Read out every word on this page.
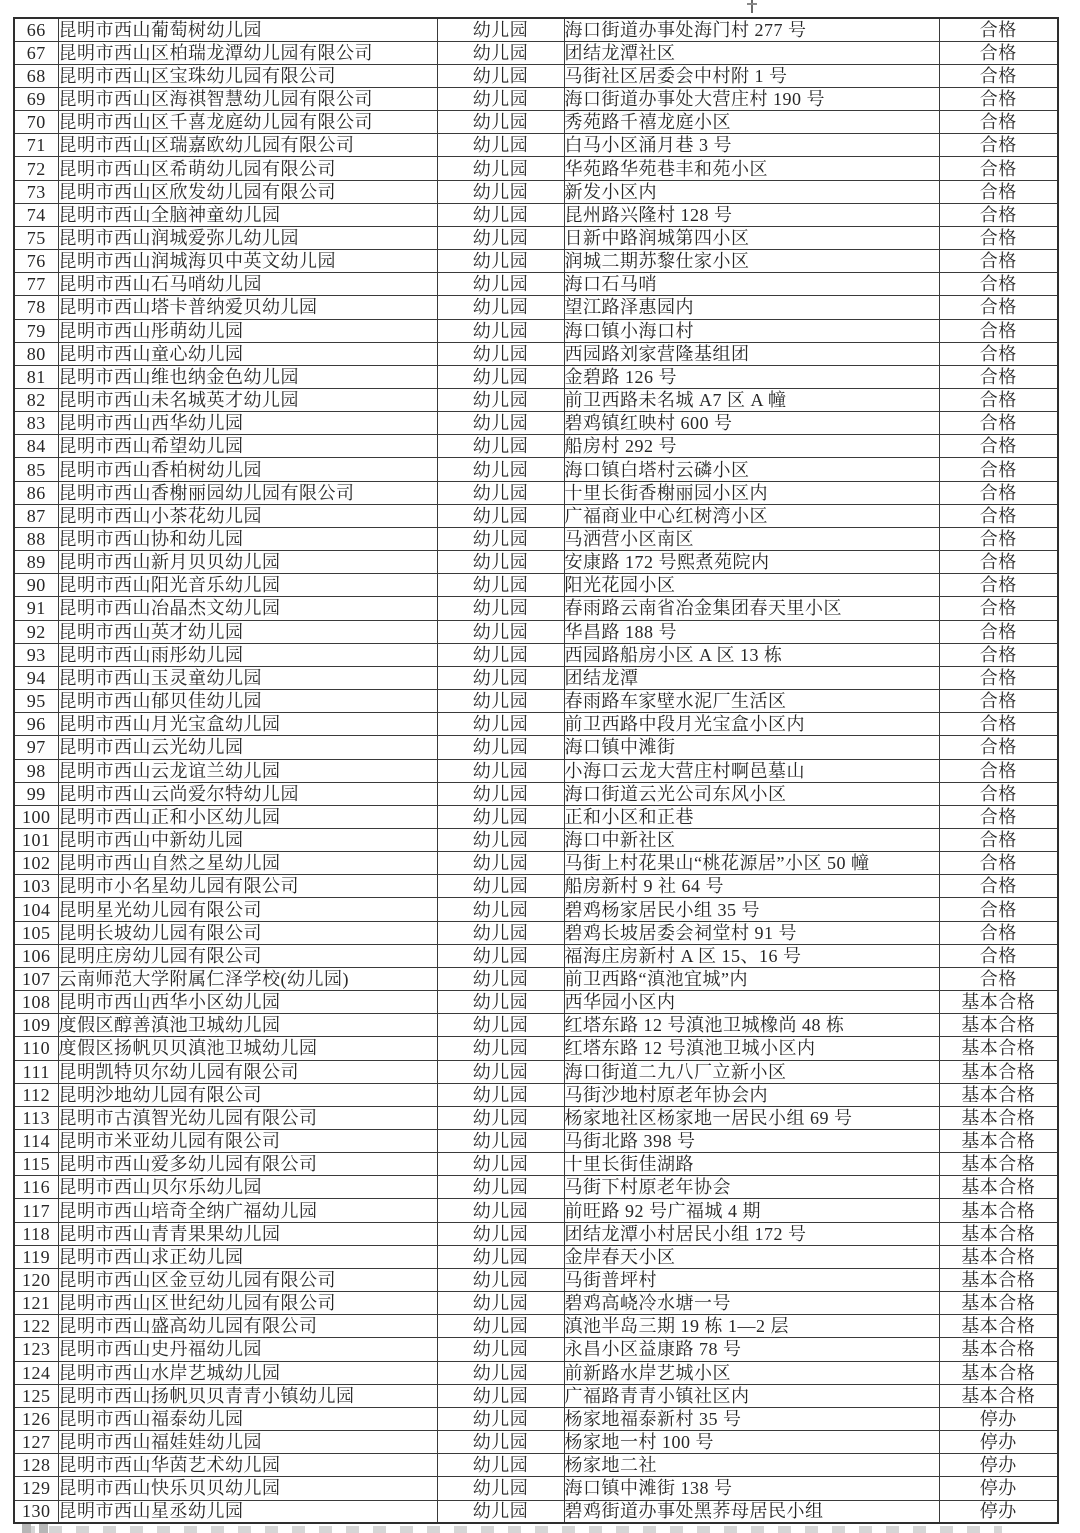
66	昆明市西山葡萄树幼儿园	幼儿园	海口街道办事处海门村 277 号	合格
67	昆明市西山区柏瑞龙潭幼儿园有限公司	幼儿园	团结龙潭社区	合格
68	昆明市西山区宝珠幼儿园有限公司	幼儿园	马街社区居委会中村附 1 号	合格
69	昆明市西山区海祺智慧幼儿园有限公司	幼儿园	海口街道办事处大营庄村 190 号	合格
70	昆明市西山区千喜龙庭幼儿园有限公司	幼儿园	秀苑路千禧龙庭小区	合格
71	昆明市西山区瑞嘉欧幼儿园有限公司	幼儿园	白马小区涌月巷 3 号	合格
72	昆明市西山区希萌幼儿园有限公司	幼儿园	华苑路华苑巷丰和苑小区	合格
73	昆明市西山区欣发幼儿园有限公司	幼儿园	新发小区内	合格
74	昆明市西山全脑神童幼儿园	幼儿园	昆州路兴隆村 128 号	合格
75	昆明市西山润城爱弥儿幼儿园	幼儿园	日新中路润城第四小区	合格
76	昆明市西山润城海贝中英文幼儿园	幼儿园	润城二期苏黎仕家小区	合格
77	昆明市西山石马哨幼儿园	幼儿园	海口石马哨	合格
78	昆明市西山塔卡普纳爱贝幼儿园	幼儿园	望江路泽惠园内	合格
79	昆明市西山彤萌幼儿园	幼儿园	海口镇小海口村	合格
80	昆明市西山童心幼儿园	幼儿园	西园路刘家营隆基组团	合格
81	昆明市西山维也纳金色幼儿园	幼儿园	金碧路 126 号	合格
82	昆明市西山未名城英才幼儿园	幼儿园	前卫西路未名城 A7 区 A 幢	合格
83	昆明市西山西华幼儿园	幼儿园	碧鸡镇红映村 600 号	合格
84	昆明市西山希望幼儿园	幼儿园	船房村 292 号	合格
85	昆明市西山香柏树幼儿园	幼儿园	海口镇白塔村云磷小区	合格
86	昆明市西山香榭丽园幼儿园有限公司	幼儿园	十里长街香榭丽园小区内	合格
87	昆明市西山小茶花幼儿园	幼儿园	广福商业中心红树湾小区	合格
88	昆明市西山协和幼儿园	幼儿园	马洒营小区南区	合格
89	昆明市西山新月贝贝幼儿园	幼儿园	安康路 172 号熙煮苑院内	合格
90	昆明市西山阳光音乐幼儿园	幼儿园	阳光花园小区	合格
91	昆明市西山冶晶杰文幼儿园	幼儿园	春雨路云南省冶金集团春天里小区	合格
92	昆明市西山英才幼儿园	幼儿园	华昌路 188 号	合格
93	昆明市西山雨彤幼儿园	幼儿园	西园路船房小区 A 区 13 栋	合格
94	昆明市西山玉灵童幼儿园	幼儿园	团结龙潭	合格
95	昆明市西山郁贝佳幼儿园	幼儿园	春雨路车家壁水泥厂生活区	合格
96	昆明市西山月光宝盒幼儿园	幼儿园	前卫西路中段月光宝盒小区内	合格
97	昆明市西山云光幼儿园	幼儿园	海口镇中滩街	合格
98	昆明市西山云龙谊兰幼儿园	幼儿园	小海口云龙大营庄村啊邑墓山	合格
99	昆明市西山云尚爱尔特幼儿园	幼儿园	海口街道云光公司东风小区	合格
100	昆明市西山正和小区幼儿园	幼儿园	正和小区和正巷	合格
101	昆明市西山中新幼儿园	幼儿园	海口中新社区	合格
102	昆明市西山自然之星幼儿园	幼儿园	马街上村花果山“桃花源居”小区 50 幢	合格
103	昆明市小名星幼儿园有限公司	幼儿园	船房新村 9 社 64 号	合格
104	昆明星光幼儿园有限公司	幼儿园	碧鸡杨家居民小组 35 号	合格
105	昆明长坡幼儿园有限公司	幼儿园	碧鸡长坡居委会祠堂村 91 号	合格
106	昆明庄房幼儿园有限公司	幼儿园	福海庄房新村 A 区 15、16 号	合格
107	云南师范大学附属仁泽学校(幼儿园)	幼儿园	前卫西路“滇池宜城”内	合格
108	昆明市西山西华小区幼儿园	幼儿园	西华园小区内	基本合格
109	度假区醇善滇池卫城幼儿园	幼儿园	红塔东路 12 号滇池卫城橡尚 48 栋	基本合格
110	度假区扬帆贝贝滇池卫城幼儿园	幼儿园	红塔东路 12 号滇池卫城小区内	基本合格
111	昆明凯特贝尔幼儿园有限公司	幼儿园	海口街道二九八厂立新小区	基本合格
112	昆明沙地幼儿园有限公司	幼儿园	马街沙地村原老年协会内	基本合格
113	昆明市古滇智光幼儿园有限公司	幼儿园	杨家地社区杨家地一居民小组 69 号	基本合格
114	昆明市米亚幼儿园有限公司	幼儿园	马街北路 398 号	基本合格
115	昆明市西山爱多幼儿园有限公司	幼儿园	十里长街佳湖路	基本合格
116	昆明市西山贝尔乐幼儿园	幼儿园	马街下村原老年协会	基本合格
117	昆明市西山培奇全纳广福幼儿园	幼儿园	前旺路 92 号广福城 4 期	基本合格
118	昆明市西山青青果果幼儿园	幼儿园	团结龙潭小村居民小组 172 号	基本合格
119	昆明市西山求正幼儿园	幼儿园	金岸春天小区	基本合格
120	昆明市西山区金豆幼儿园有限公司	幼儿园	马街普坪村	基本合格
121	昆明市西山区世纪幼儿园有限公司	幼儿园	碧鸡高峣冷水塘一号	基本合格
122	昆明市西山盛高幼儿园有限公司	幼儿园	滇池半岛三期 19 栋 1—2 层	基本合格
123	昆明市西山史丹福幼儿园	幼儿园	永昌小区益康路 78 号	基本合格
124	昆明市西山水岸艺城幼儿园	幼儿园	前新路水岸艺城小区	基本合格
125	昆明市西山扬帆贝贝青青小镇幼儿园	幼儿园	广福路青青小镇社区内	基本合格
126	昆明市西山福泰幼儿园	幼儿园	杨家地福泰新村 35 号	停办
127	昆明市西山福娃娃幼儿园	幼儿园	杨家地一村 100 号	停办
128	昆明市西山华茵艺术幼儿园	幼儿园	杨家地二社	停办
129	昆明市西山快乐贝贝幼儿园	幼儿园	海口镇中滩街 138 号	停办
130	昆明市西山星丞幼儿园	幼儿园	碧鸡街道办事处黑荞母居民小组	停办
